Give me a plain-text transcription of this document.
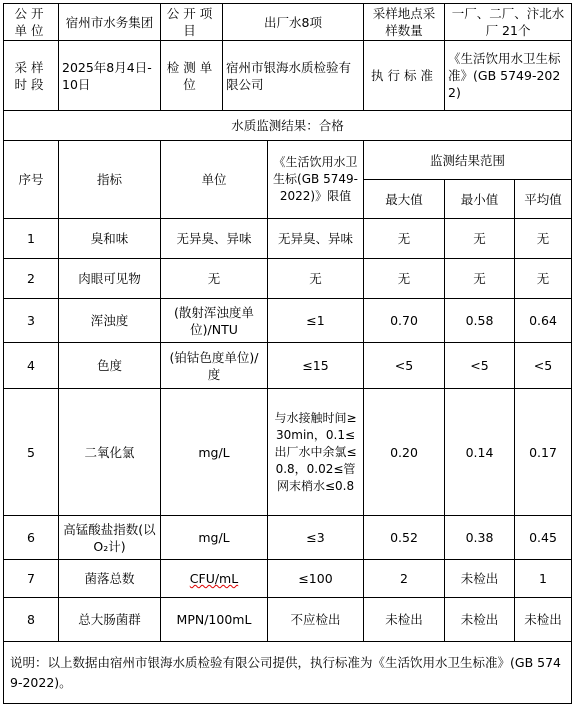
公开单位	宿州市水务集团	公开项目	出厂水8项		采样地点采样数量	一厂、二厂、汴北水厂 21个	
采样时段	2025年8月4日-10日	检测单位	宿州市银海水质检验有限公司		执行标准	《生活饮用水卫生标准》(GB 5749-2022)	
水质监测结果：合格							
序号	指标	单位		《生活饮用水卫生标(GB 5749-2022)》限值	监测结果范围		
					最大值	最小值	平均值
1	臭和味	无异臭、异味		无异臭、异味	无	无	无
2	肉眼可见物	无		无	无	无	无
3	浑浊度	(散射浑浊度单位)/NTU		≤1	0.70	0.58	0.64
4	色度	(铂钴色度单位)/度		≤15	<5	<5	<5
5	二氧化氯	mg/L		与水接触时间≥30min，0.1≤出厂水中余氯≤0.8，0.02≤管网末梢水≤0.8	0.20	0.14	0.17
6	高锰酸盐指数(以O₂计)	mg/L		≤3	0.52	0.38	0.45
7	菌落总数	CFU/mL		≤100	2	未检出	1
8	总大肠菌群	MPN/100mL		不应检出	未检出	未检出	未检出
说明：以上数据由宿州市银海水质检验有限公司提供，执行标准为《生活饮用水卫生标准》(GB 5749-2022)。							
